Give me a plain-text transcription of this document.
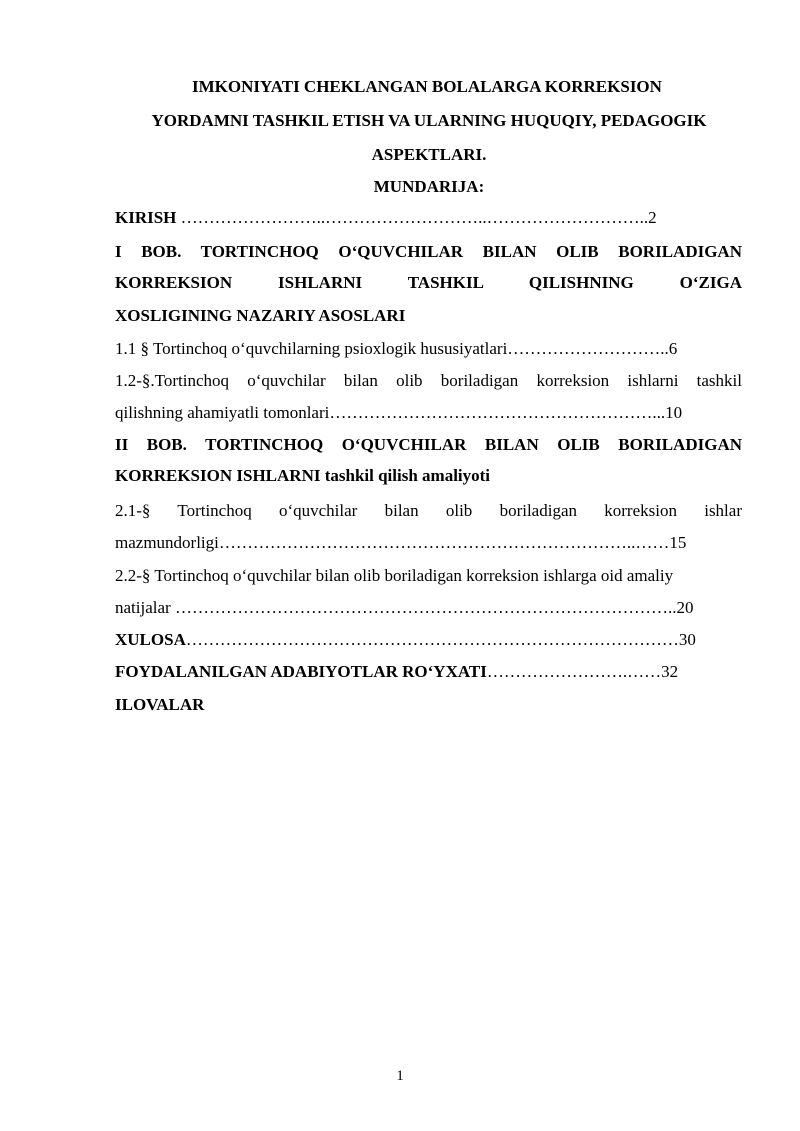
IMKONIYATI CHEKLANGAN BOLALARGA KORREKSION
YORDAMNI TASHKIL ETISH VA ULARNING HUQUQIY, PEDAGOGIK
ASPEKTLARI.
MUNDARIJA:
KIRISH ……………………..………………………..………………………..2
I BOB. TORTINCHOQ O‘QUVCHILAR BILAN OLIB BORILADIGAN
KORREKSION ISHLARNI TASHKIL QILISHNING O‘ZIGA
XOSLIGINING NAZARIY ASOSLARI
1.1 § Tortinchoq o‘quvchilarning psioxlogik hususiyatlari………………………..6
1.2-§.Tortinchoq o‘quvchilar bilan olib boriladigan korreksion ishlarni tashkil
qilishning ahamiyatli tomonlari…………………………………………………...10
II BOB. TORTINCHOQ O‘QUVCHILAR BILAN OLIB BORILADIGAN
KORREKSION ISHLARNI tashkil qilish amaliyoti
2.1-§ Tortinchoq o‘quvchilar bilan olib boriladigan korreksion ishlar
mazmundorligi………………………………………………………………..……15
2.2-§ Tortinchoq o‘quvchilar bilan olib boriladigan korreksion ishlarga oid amaliy
natijalar ……………………………………………………………………………..20
XULOSA……………………………………………………………………………30
FOYDALANILGAN ADABIYOTLAR RO‘YXATI…………………….……32
ILOVALAR
1
